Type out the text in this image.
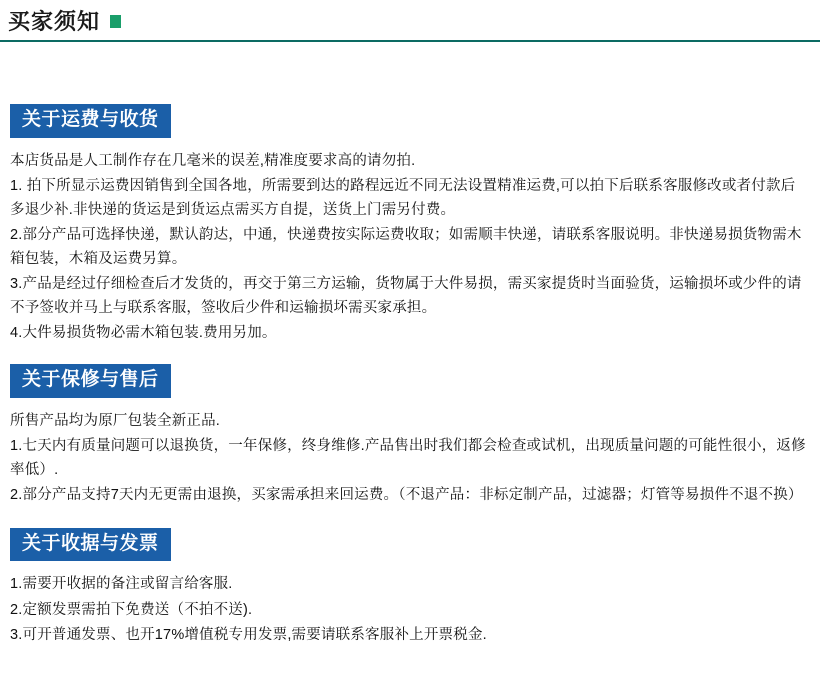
买家须知
关于运费与收货

本店货品是人工制作存在几毫米的误差,精准度要求高的请勿拍.

1. 拍下所显示运费因销售到全国各地，所需要到达的路程远近不同无法设置精准运费,可以拍下后联系客服修改或者付款后多退少补.非快递的货运是到货运点需买方自提，送货上门需另付费。

2.部分产品可选择快递，默认韵达，中通，快递费按实际运费收取；如需顺丰快递，请联系客服说明。非快递易损货物需木箱包装，木箱及运费另算。

3.产品是经过仔细检查后才发货的，再交于第三方运输，货物属于大件易损，需买家提货时当面验货，运输损坏或少件的请不予签收并马上与联系客服，签收后少件和运输损坏需买家承担。

4.大件易损货物必需木箱包装.费用另加。

关于保修与售后

所售产品均为原厂包装全新正品.

1.七天内有质量问题可以退换货，一年保修，终身维修.产品售出时我们都会检查或试机，出现质量问题的可能性很小，返修率低）.

2.部分产品支持7天内无更需由退换，买家需承担来回运费。（不退产品：非标定制产品，过滤器；灯管等易损件不退不换）

关于收据与发票

1.需要开收据的备注或留言给客服.

2.定额发票需拍下免费送（不拍不送).

3.可开普通发票、也开17%增值税专用发票,需要请联系客服补上开票税金.
